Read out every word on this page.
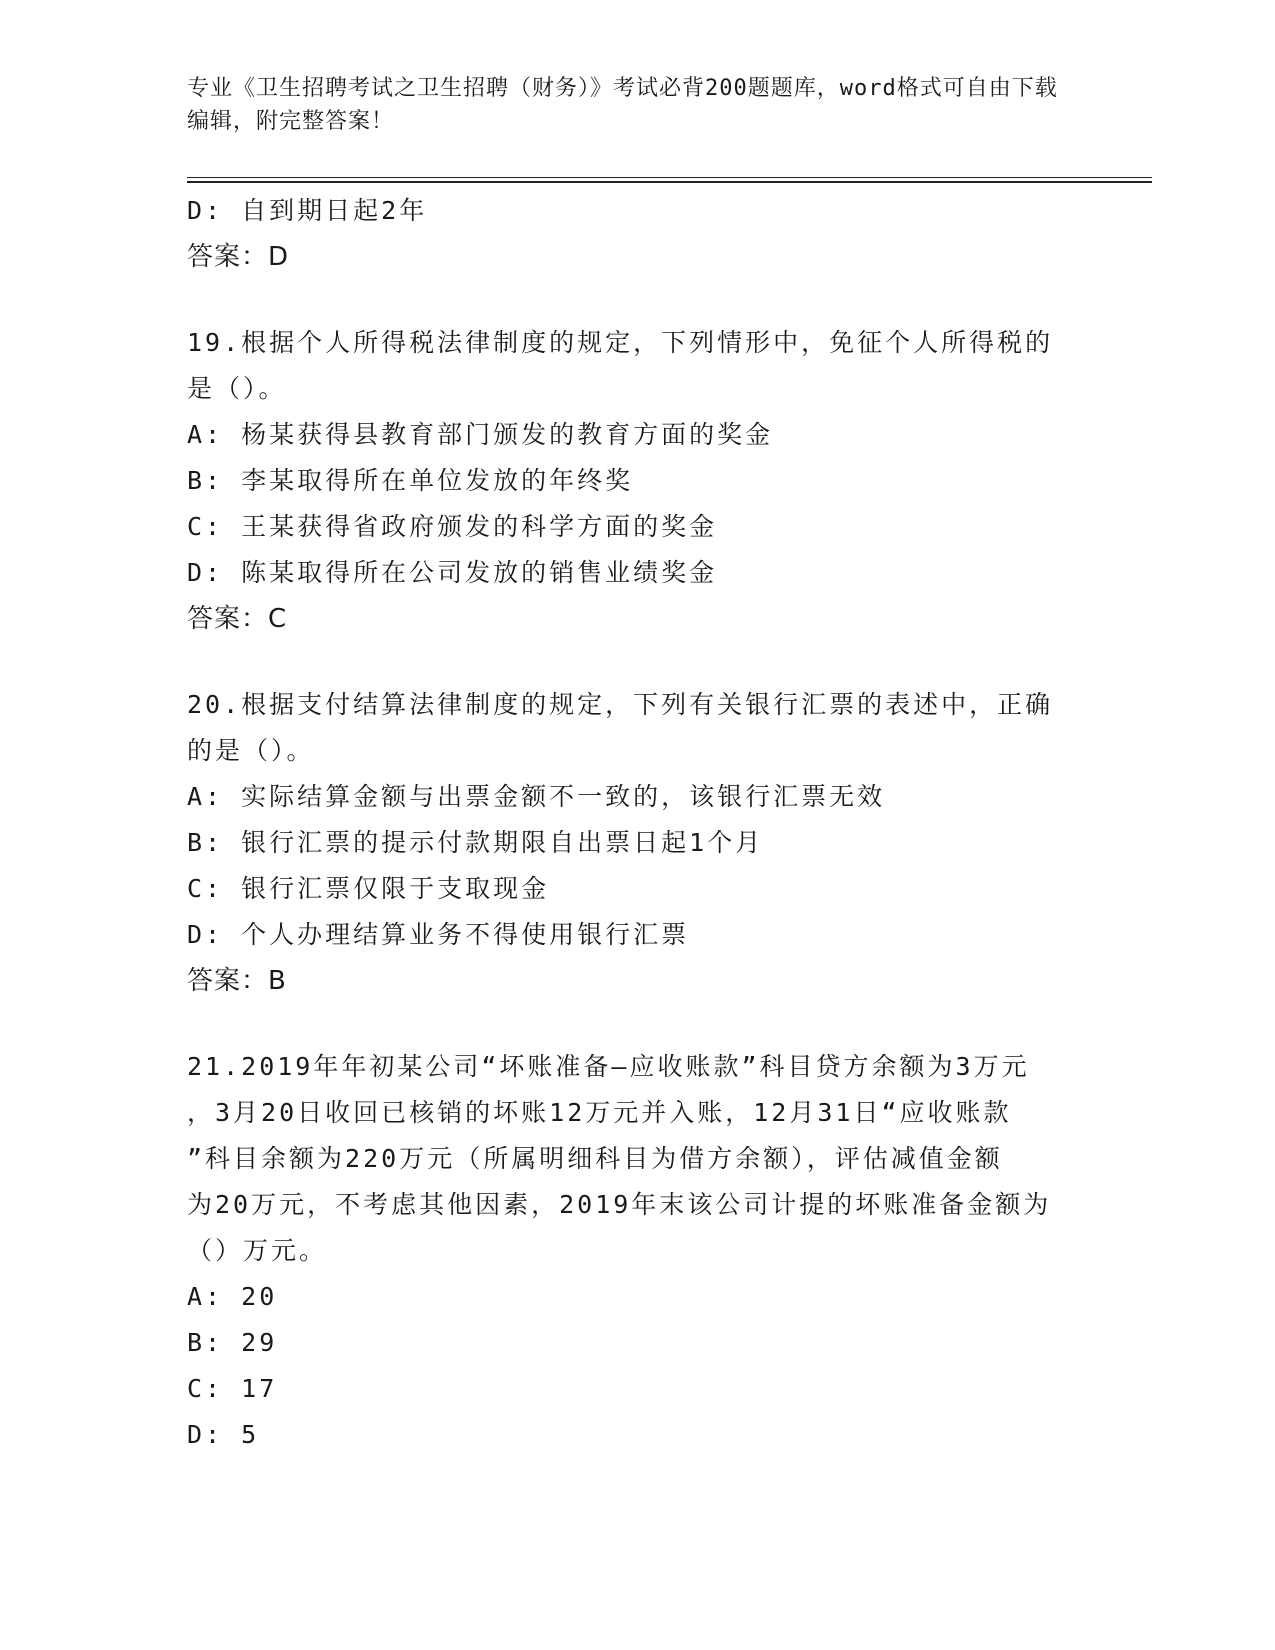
专业《卫生招聘考试之卫生招聘（财务）》考试必背200题题库，word格式可自由下载编辑，附完整答案！
D: 自到期日起2年
答案：D
19.根据个人所得税法律制度的规定，下列情形中，免征个人所得税的
是（）。
A: 杨某获得县教育部门颁发的教育方面的奖金
B: 李某取得所在单位发放的年终奖
C: 王某获得省政府颁发的科学方面的奖金
D: 陈某取得所在公司发放的销售业绩奖金
答案：C
20.根据支付结算法律制度的规定，下列有关银行汇票的表述中，正确
的是（）。
A: 实际结算金额与出票金额不一致的，该银行汇票无效
B: 银行汇票的提示付款期限自出票日起1个月
C: 银行汇票仅限于支取现金
D: 个人办理结算业务不得使用银行汇票
答案：B
21.2019年年初某公司“坏账准备—应收账款”科目贷方余额为3万元
，3月20日收回已核销的坏账12万元并入账，12月31日“应收账款
”科目余额为220万元（所属明细科目为借方余额），评估减值金额
为20万元，不考虑其他因素，2019年末该公司计提的坏账准备金额为
（）万元。
A: 20
B: 29
C: 17
D: 5
